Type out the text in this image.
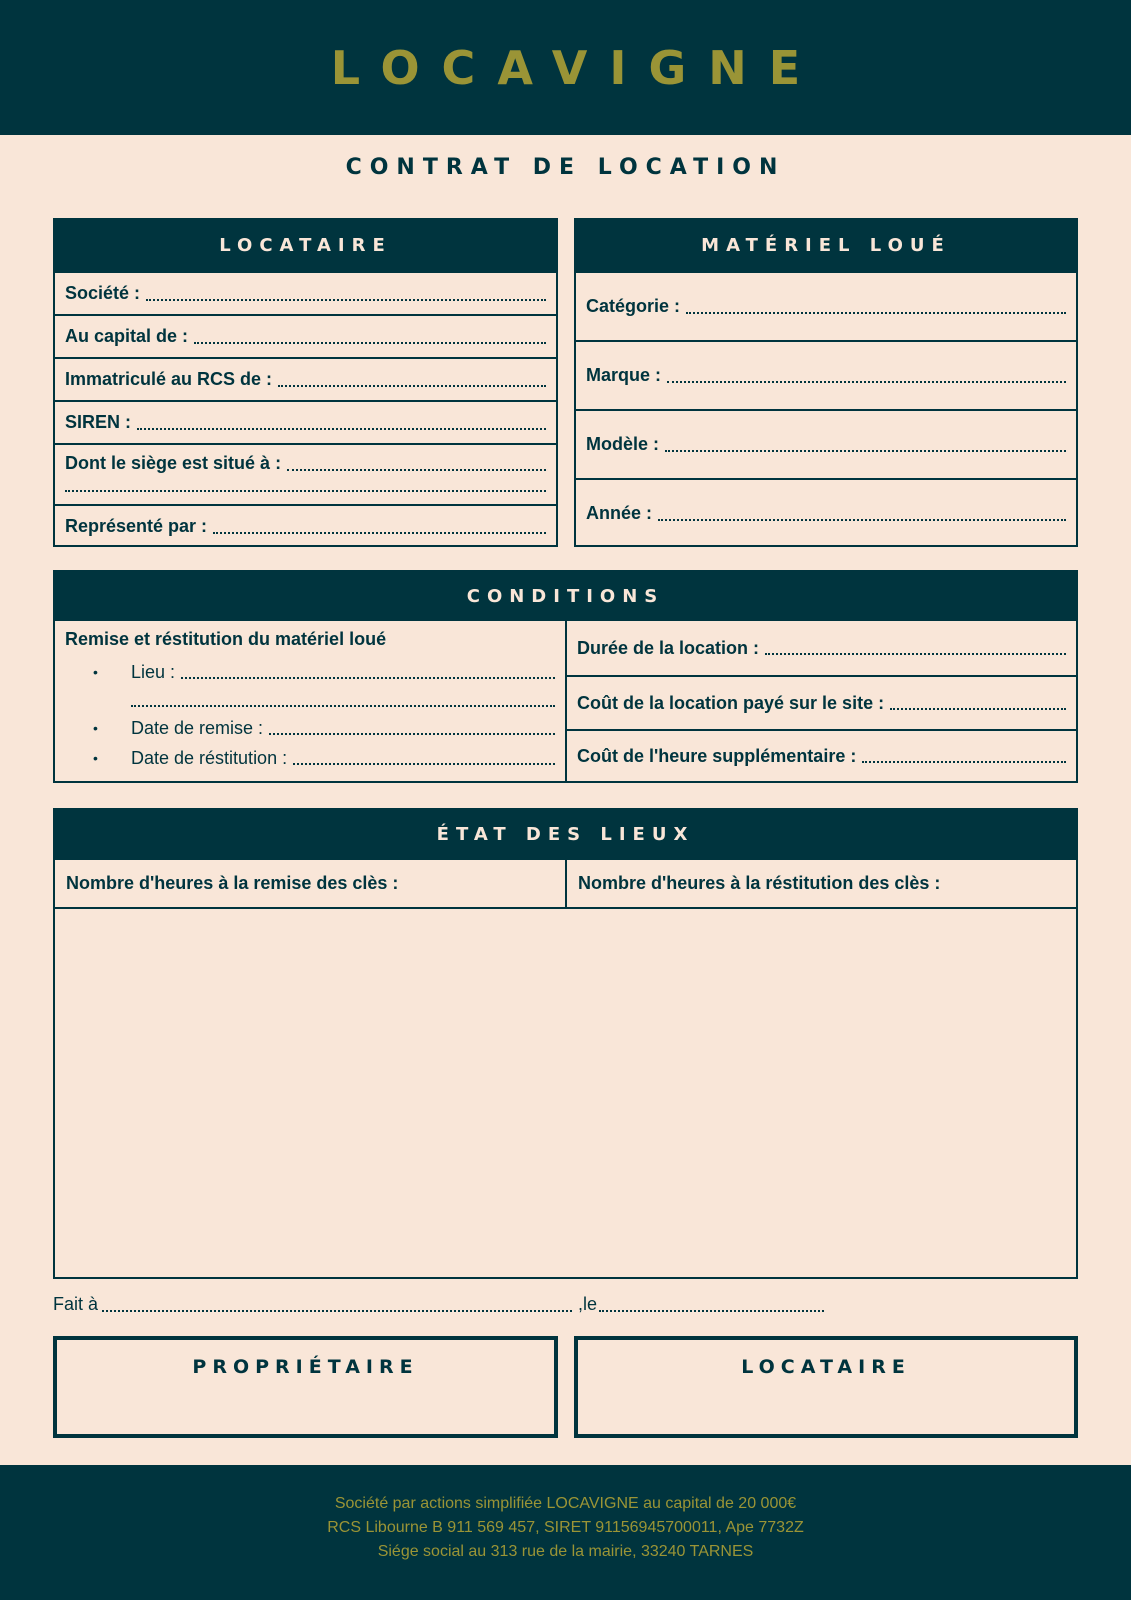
LOCAVIGNE
CONTRAT DE LOCATION
LOCATAIRE
Société :
Au capital de :
Immatriculé au RCS de :
SIREN :
Dont le siège est situé à :
Représenté par :
MATÉRIEL LOUÉ
Catégorie :
Marque :
Modèle :
Année :
CONDITIONS
Remise et réstitution du matériel loué
•	Lieu :
•	Date de remise :
•	Date de réstitution :
Durée de la location :
Coût de la location payé sur le site :
Coût de l'heure supplémentaire :
ÉTAT DES LIEUX
Nombre d'heures à la remise des clès :	Nombre d'heures à la réstitution des clès :
Fait à	,le
PROPRIÉTAIRE	LOCATAIRE
Société par actions simplifiée LOCAVIGNE au capital de 20 000€
RCS Libourne B 911 569 457, SIRET 91156945700011, Ape 7732Z
Siége social au 313 rue de la mairie, 33240 TARNES
